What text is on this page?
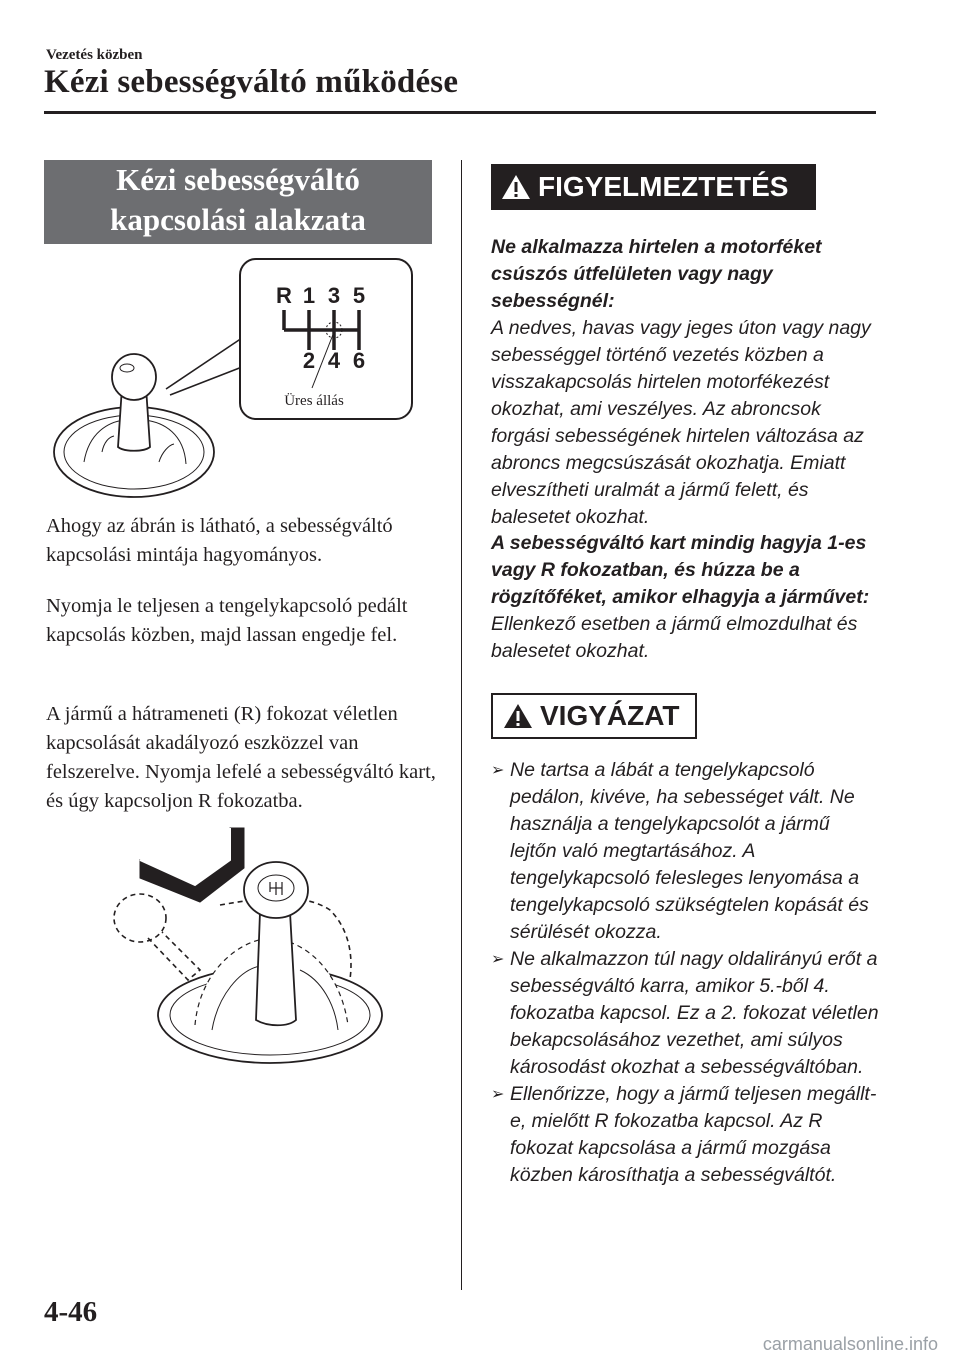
Vezetés közben
Kézi sebességváltó működése
Kézi sebességváltó
kapcsolási alakzata
R 1 3 5
2 4 6
Üres állás

Ahogy az ábrán is látható, a sebességváltó kapcsolási mintája hagyományos.

Nyomja le teljesen a tengelykapcsoló pedált kapcsolás közben, majd lassan engedje fel.

A jármű a hátrameneti (R) fokozat véletlen kapcsolását akadályozó eszközzel van felszerelve. Nyomja lefelé a sebességváltó kart, és úgy kapcsoljon R fokozatba.

FIGYELMEZTETÉS
Ne alkalmazza hirtelen a motorféket csúszós útfelületen vagy nagy sebességnél:
A nedves, havas vagy jeges úton vagy nagy sebességgel történő vezetés közben a visszakapcsolás hirtelen motorfékezést okozhat, ami veszélyes. Az abroncsok forgási sebességének hirtelen változása az abroncs megcsúszását okozhatja. Emiatt elveszítheti uralmát a jármű felett, és balesetet okozhat.
A sebességváltó kart mindig hagyja 1-es vagy R fokozatban, és húzza be a rögzítőféket, amikor elhagyja a járművet:
Ellenkező esetben a jármű elmozdulhat és balesetet okozhat.
VIGYÁZAT
➢ Ne tartsa a lábát a tengelykapcsoló pedálon, kivéve, ha sebességet vált. Ne használja a tengelykapcsolót a jármű lejtőn való megtartásához. A tengelykapcsoló felesleges lenyomása a tengelykapcsoló szükségtelen kopását és sérülését okozza.
➢ Ne alkalmazzon túl nagy oldalirányú erőt a sebességváltó karra, amikor 5.-ből 4. fokozatba kapcsol. Ez a 2. fokozat véletlen bekapcsolásához vezethet, ami súlyos károsodást okozhat a sebességváltóban.
➢ Ellenőrizze, hogy a jármű teljesen megállt-e, mielőtt R fokozatba kapcsol. Az R fokozat kapcsolása a jármű mozgása közben károsíthatja a sebességváltót.
4-46
carmanualsonline.info
